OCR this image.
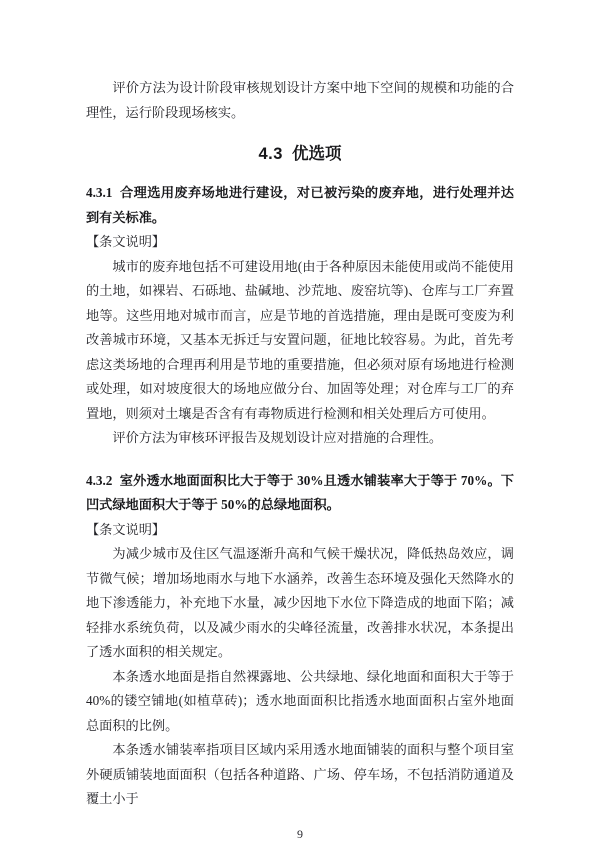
评价方法为设计阶段审核规划设计方案中地下空间的规模和功能的合理性，运行阶段现场核实。

4.3 优选项
4.3.1 合理选用废弃场地进行建设，对已被污染的废弃地，进行处理并达到有关标准。

【条文说明】

城市的废弃地包括不可建设用地(由于各种原因未能使用或尚不能使用的土地，如裸岩、石砾地、盐碱地、沙荒地、废窑坑等)、仓库与工厂弃置地等。这些用地对城市而言，应是节地的首选措施，理由是既可变废为利改善城市环境，又基本无拆迁与安置问题，征地比较容易。为此，首先考虑这类场地的合理再利用是节地的重要措施，但必须对原有场地进行检测或处理，如对坡度很大的场地应做分台、加固等处理；对仓库与工厂的弃置地，则须对土壤是否含有有毒物质进行检测和相关处理后方可使用。

评价方法为审核环评报告及规划设计应对措施的合理性。

4.3.2 室外透水地面面积比大于等于 30%且透水铺装率大于等于 70%。下凹式绿地面积大于等于 50%的总绿地面积。

【条文说明】

为减少城市及住区气温逐渐升高和气候干燥状况，降低热岛效应，调节微气候；增加场地雨水与地下水涵养，改善生态环境及强化天然降水的地下渗透能力，补充地下水量，减少因地下水位下降造成的地面下陷；减轻排水系统负荷，以及减少雨水的尖峰径流量，改善排水状况，本条提出了透水面积的相关规定。

本条透水地面是指自然裸露地、公共绿地、绿化地面和面积大于等于 40%的镂空铺地(如植草砖)；透水地面面积比指透水地面面积占室外地面总面积的比例。

本条透水铺装率指项目区域内采用透水地面铺装的面积与整个项目室外硬质铺装地面面积（包括各种道路、广场、停车场，不包括消防通道及覆土小于

9
